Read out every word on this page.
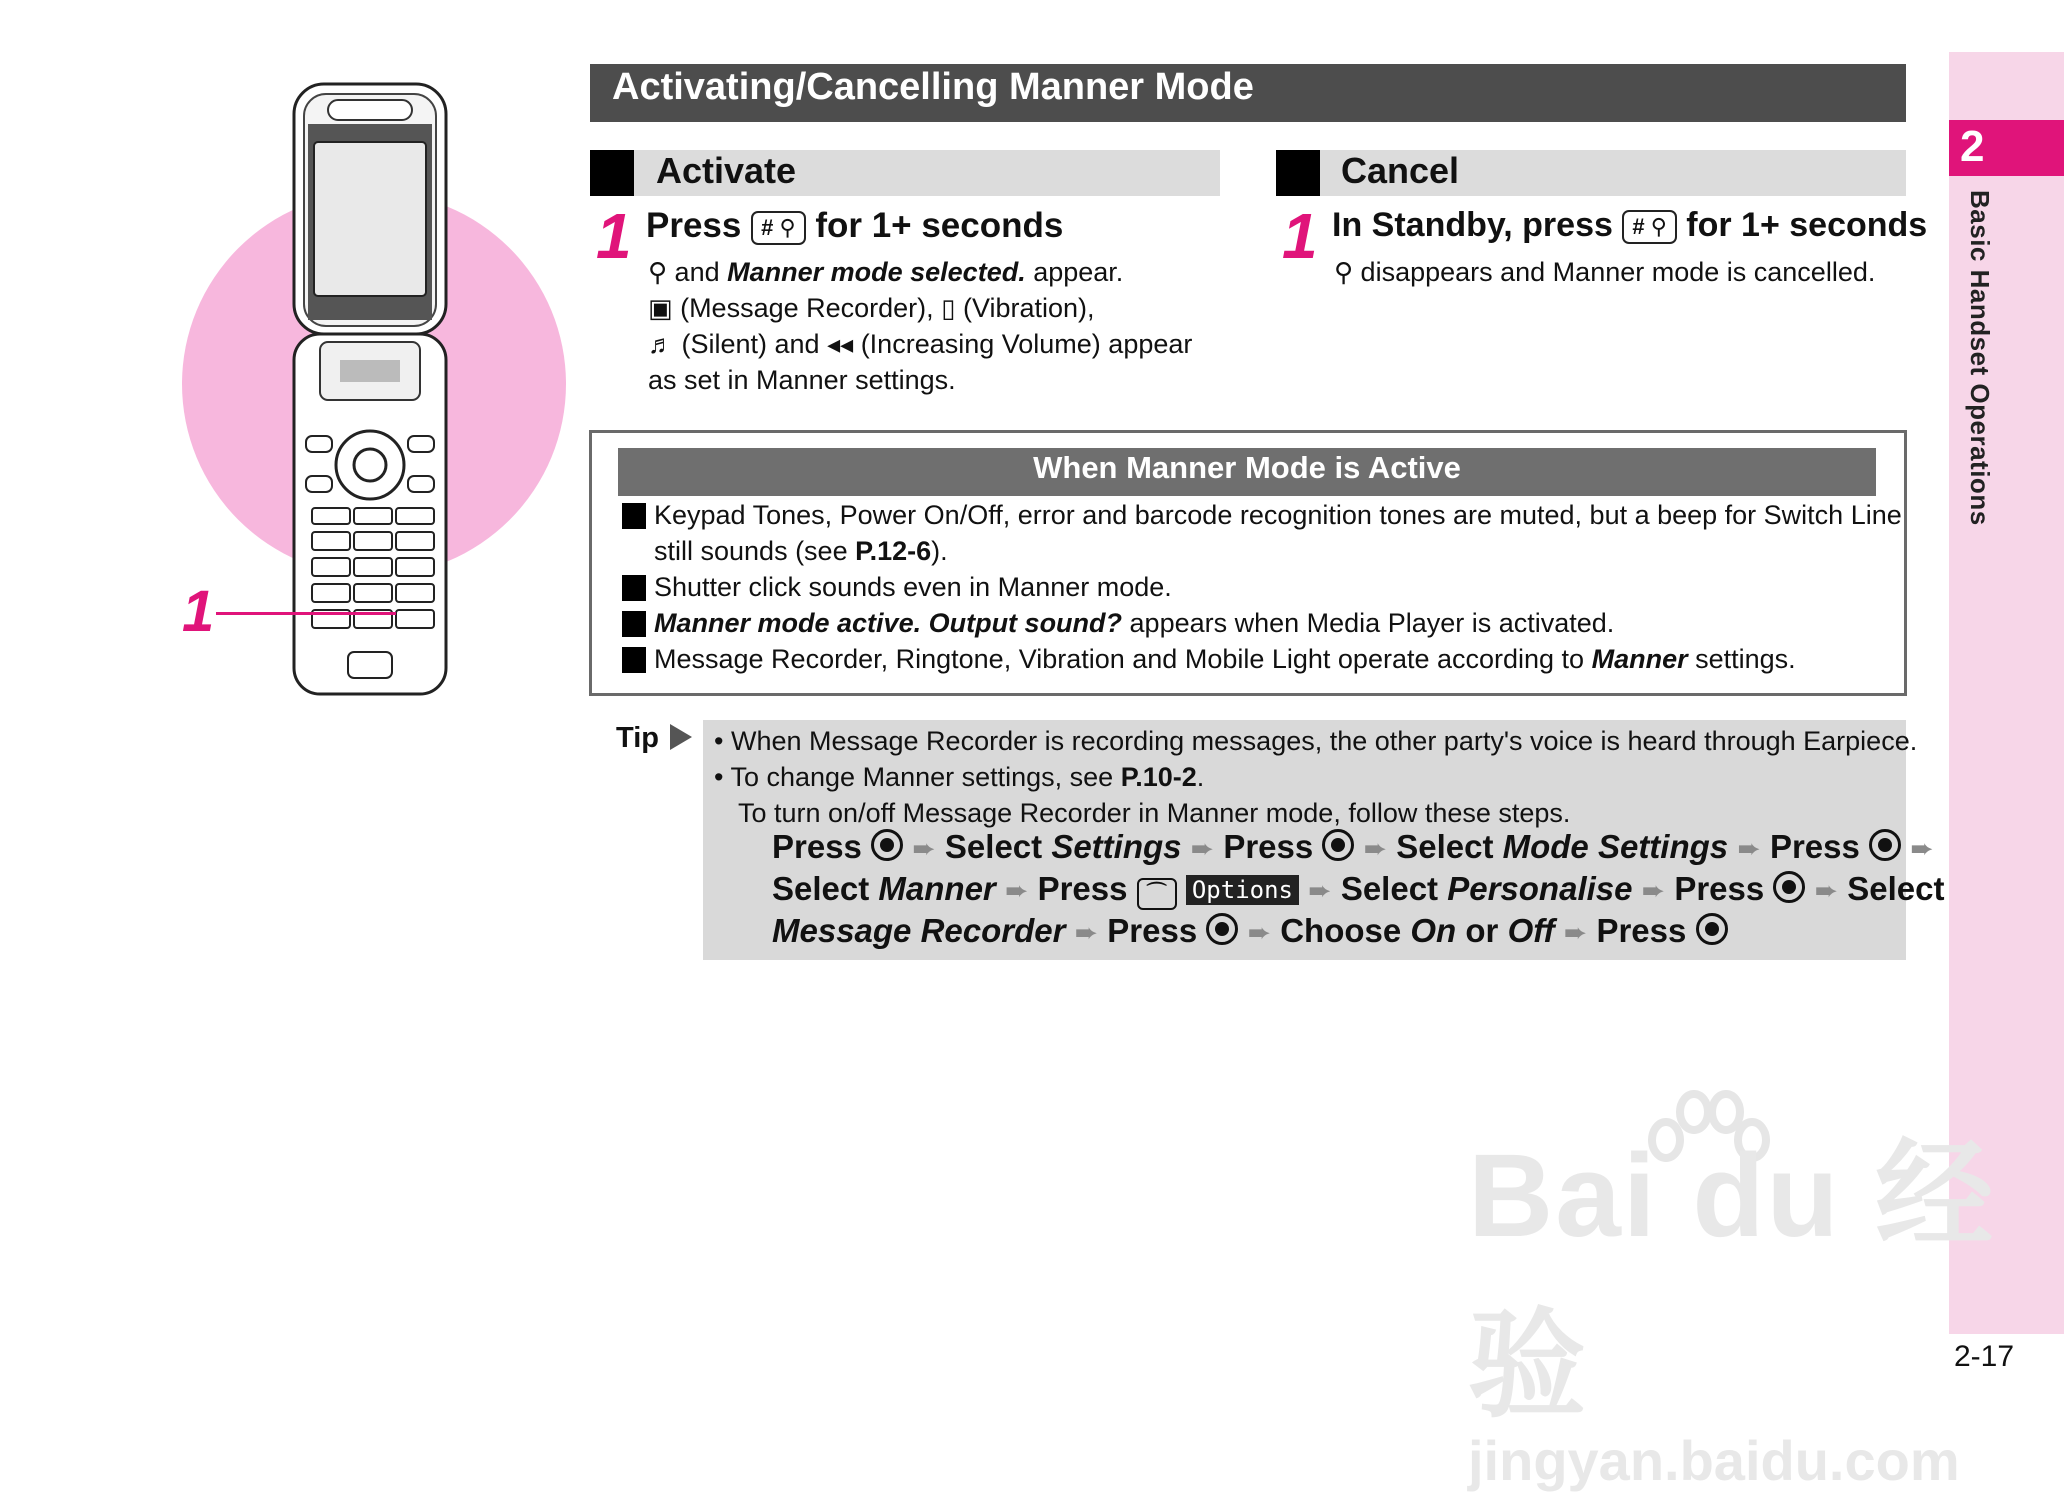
2
Basic Handset Operations
2-17
1
Activating/Cancelling Manner Mode
Activate
1 Press # ⚲ for 1+ seconds
⚲ and Manner mode selected. appear.
▣ (Message Recorder), ▯ (Vibration),
♬ (Silent) and ◂◂ (Increasing Volume) appear
as set in Manner settings.
Cancel
1 In Standby, press # ⚲ for 1+ seconds
⚲ disappears and Manner mode is cancelled.
When Manner Mode is Active
Keypad Tones, Power On/Off, error and barcode recognition tones are muted, but a beep for Switch Line
still sounds (see P.12-6).
Shutter click sounds even in Manner mode.
Manner mode active. Output sound? appears when Media Player is activated.
Message Recorder, Ringtone, Vibration and Mobile Light operate according to Manner settings.
Tip • When Message Recorder is recording messages, the other party's voice is heard through Earpiece.
• To change Manner settings, see P.10-2.
To turn on/off Message Recorder in Manner mode, follow these steps.
Press ➨ Select Settings ➨ Press ➨ Select Mode Settings ➨ Press ➨
Select Manner ➨ Press ⌒ Options ➨ Select Personalise ➨ Press ➨ Select
Message Recorder ➨ Press ➨ Choose On or Off ➨ Press
Bai du 经验
jingyan.baidu.com
